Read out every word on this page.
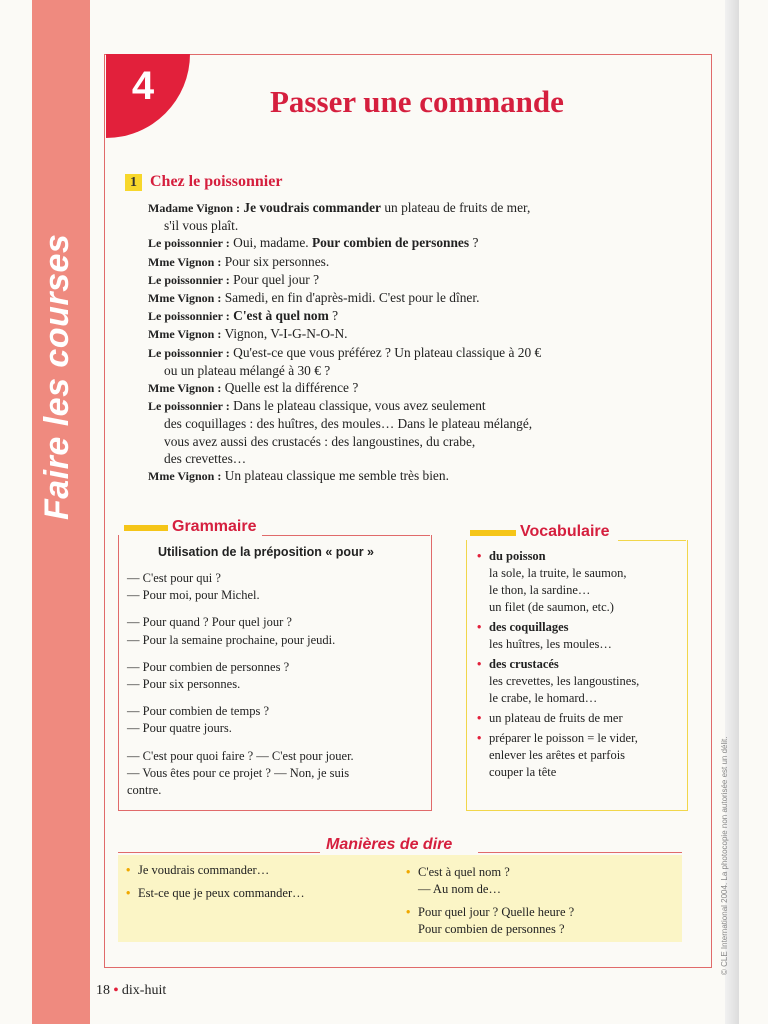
Faire les courses
4	Passer une commande
1 Chez le poissonnier
Madame Vignon : Je voudrais commander un plateau de fruits de mer,
s'il vous plaît.
Le poissonnier : Oui, madame. Pour combien de personnes ?
Mme Vignon : Pour six personnes.
Le poissonnier : Pour quel jour ?
Mme Vignon : Samedi, en fin d'après-midi. C'est pour le dîner.
Le poissonnier : C'est à quel nom ?
Mme Vignon : Vignon, V-I-G-N-O-N.
Le poissonnier : Qu'est-ce que vous préférez ? Un plateau classique à 20 €
ou un plateau mélangé à 30 € ?
Mme Vignon : Quelle est la différence ?
Le poissonnier : Dans le plateau classique, vous avez seulement
des coquillages : des huîtres, des moules… Dans le plateau mélangé,
vous avez aussi des crustacés : des langoustines, du crabe,
des crevettes…
Mme Vignon : Un plateau classique me semble très bien.
Grammaire
Utilisation de la préposition « pour »
— C'est pour qui ?
— Pour moi, pour Michel.
— Pour quand ? Pour quel jour ?
— Pour la semaine prochaine, pour jeudi.
— Pour combien de personnes ?
— Pour six personnes.
— Pour combien de temps ?
— Pour quatre jours.
— C'est pour quoi faire ? — C'est pour jouer.
— Vous êtes pour ce projet ? — Non, je suis
contre.
Vocabulaire
• du poisson
la sole, la truite, le saumon,
le thon, la sardine…
un filet (de saumon, etc.)
• des coquillages
les huîtres, les moules…
• des crustacés
les crevettes, les langoustines,
le crabe, le homard…
• un plateau de fruits de mer
• préparer le poisson = le vider,
enlever les arêtes et parfois
couper la tête
Manières de dire
• Je voudrais commander…
• Est-ce que je peux commander…
• C'est à quel nom ?
— Au nom de…
• Pour quel jour ? Quelle heure ?
Pour combien de personnes ?
18 • dix-huit
© CLE International 2004. La photocopie non autorisée est un délit.
